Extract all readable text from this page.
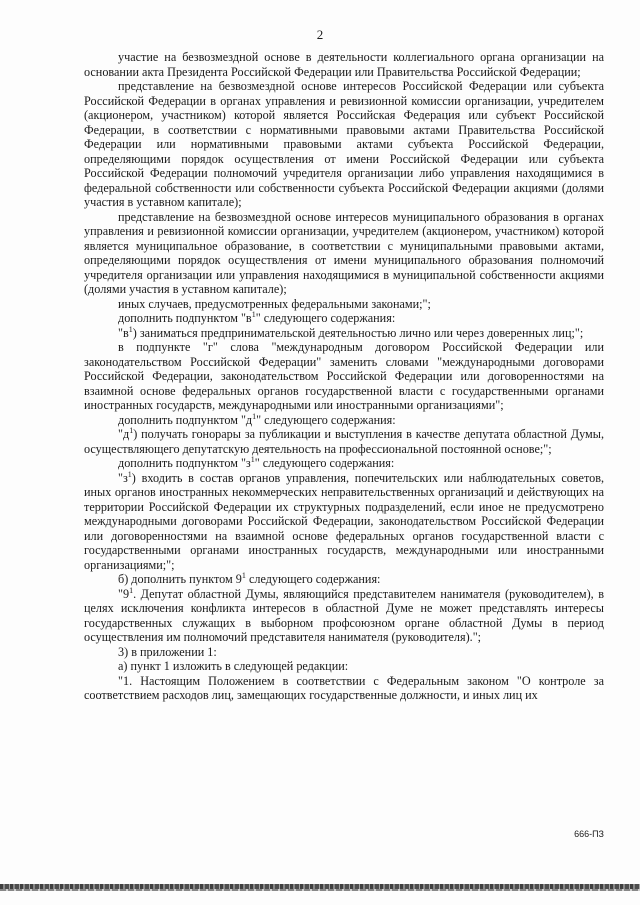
2

участие на безвозмездной основе в деятельности коллегиального органа организации на основании акта Президента Российской Федерации или Правительства Российской Федерации;

представление на безвозмездной основе интересов Российской Федерации или субъекта Российской Федерации в органах управления и ревизионной комиссии организации, учредителем (акционером, участником) которой является Российская Федерация или субъект Российской Федерации, в соответствии с нормативными правовыми актами Правительства Российской Федерации или нормативными правовыми актами субъекта Российской Федерации, определяющими порядок осуществления от имени Российской Федерации или субъекта Российской Федерации полномочий учредителя организации либо управления находящимися в федеральной собственности или собственности субъекта Российской Федерации акциями (долями участия в уставном капитале);

представление на безвозмездной основе интересов муниципального образования в органах управления и ревизионной комиссии организации, учредителем (акционером, участником) которой является муниципальное образование, в соответствии с муниципальными правовыми актами, определяющими порядок осуществления от имени муниципального образования полномочий учредителя организации или управления находящимися в муниципальной собственности акциями (долями участия в уставном капитале);

иных случаев, предусмотренных федеральными законами;";

дополнить подпунктом "$в^1$" следующего содержания:

"$в^1$) заниматься предпринимательской деятельностью лично или через доверенных лиц;";

в подпункте "г" слова "международным договором Российской Федерации или законодательством Российской Федерации" заменить словами "международными договорами Российской Федерации, законодательством Российской Федерации или договоренностями на взаимной основе федеральных органов государственной власти с государственными органами иностранных государств, международными или иностранными организациями";

дополнить подпунктом "$д^1$" следующего содержания:

"$д^1$) получать гонорары за публикации и выступления в качестве депутата областной Думы, осуществляющего депутатскую деятельность на профессиональной постоянной основе;";

дополнить подпунктом "$з^1$" следующего содержания:

"$з^1$) входить в состав органов управления, попечительских или наблюдательных советов, иных органов иностранных некоммерческих неправительственных организаций и действующих на территории Российской Федерации их структурных подразделений, если иное не предусмотрено международными договорами Российской Федерации, законодательством Российской Федерации или договоренностями на взаимной основе федеральных органов государственной власти с государственными органами иностранных государств, международными или иностранными организациями;";

б) дополнить пунктом $9^1$ следующего содержания:

"$9^1$. Депутат областной Думы, являющийся представителем нанимателя (руководителем), в целях исключения конфликта интересов в областной Думе не может представлять интересы государственных служащих в выборном профсоюзном органе областной Думы в период осуществления им полномочий представителя нанимателя (руководителя).";

3) в приложении 1:

а) пункт 1 изложить в следующей редакции:

"1. Настоящим Положением в соответствии с Федеральным законом "О контроле за соответствием расходов лиц, замещающих государственные должности, и иных лиц их

666-ПЗ
